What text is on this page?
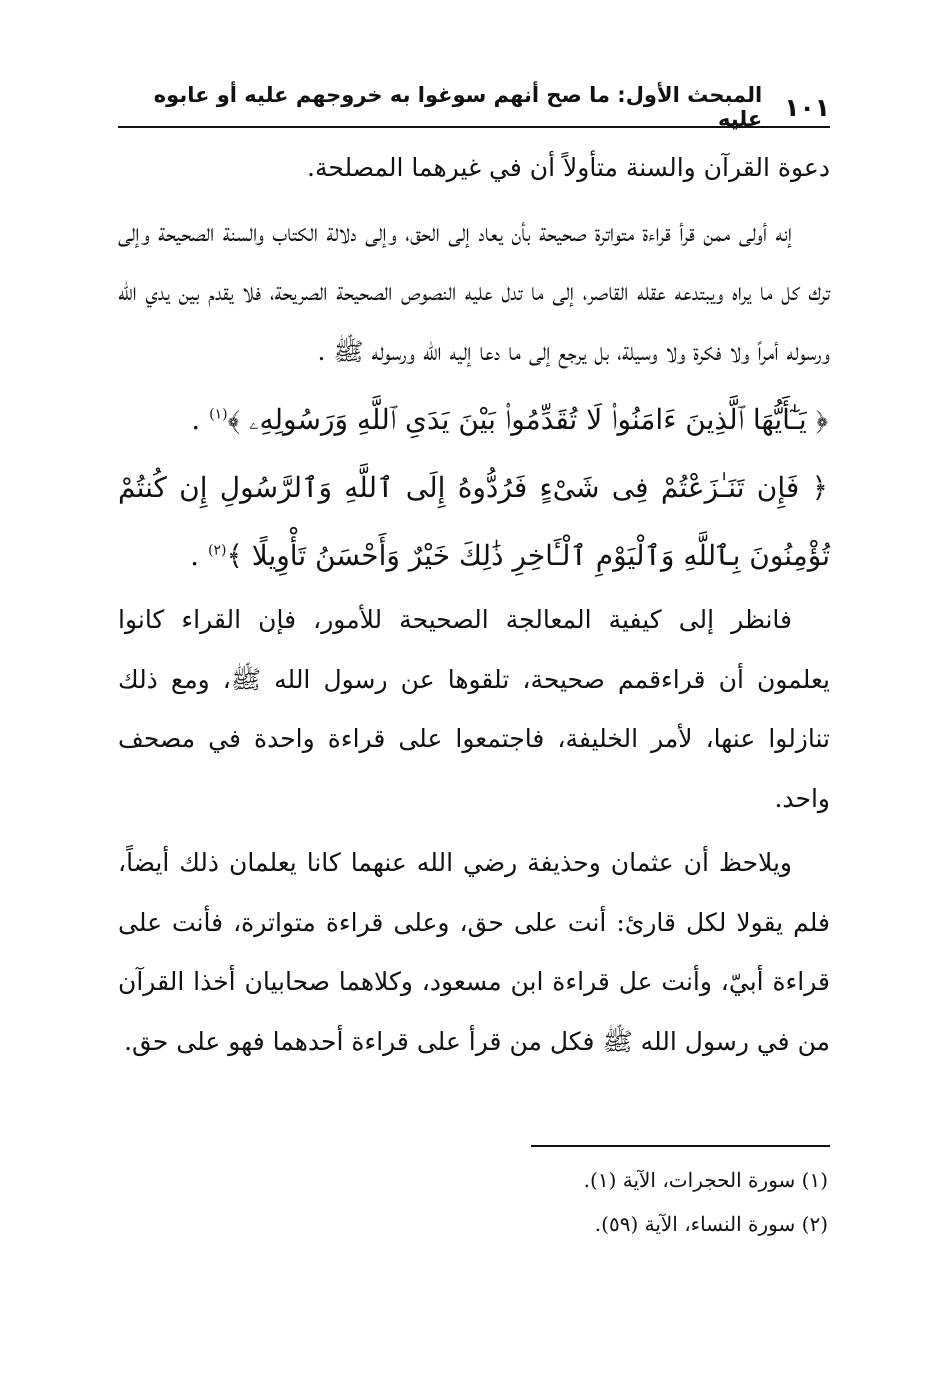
١٠١
المبحث الأول: ما صح أنهم سوغوا به خروجهم عليه أو عابوه عليه

دعوة القرآن والسنة متأولاً أن في غيرهما المصلحة.

إنه أولى ممن قرأ قراءة متواترة صحيحة بأن يعاد إلى الحق، وإلى دلالة الكتاب والسنة الصحيحة وإلى ترك كل ما يراه ويبتدعه عقله القاصر، إلى ما تدل عليه النصوص الصحيحة الصريحة، فلا يقدم بين يدي الله ورسوله أمراً ولا فكرة ولا وسيلة، بل يرجع إلى ما دعا إليه الله ورسوله ﷺ .

﴿ يَـٰٓأَيُّهَا ٱلَّذِينَ ءَامَنُوا۟ لَا تُقَدِّمُوا۟ بَيْنَ يَدَىِ ٱللَّهِ وَرَسُولِهِۦ ﴾$^{(١)}$ .

﴿ فَإِن تَنَـٰزَعْتُمْ فِى شَىْءٍ فَرُدُّوهُ إِلَى ٱللَّهِ وَٱلرَّسُولِ إِن كُنتُمْ تُؤْمِنُونَ بِٱللَّهِ وَٱلْيَوْمِ ٱلْـَٔاخِرِ ذَٰلِكَ خَيْرٌ وَأَحْسَنُ تَأْوِيلًا ﴾$^{(٢)}$ .

فانظر إلى كيفية المعالجة الصحيحة للأمور، فإن القراء كانوا يعلمون أن قراءقمم صحيحة، تلقوها عن رسول الله ﷺ، ومع ذلك تنازلوا عنها، لأمر الخليفة، فاجتمعوا على قراءة واحدة في مصحف واحد.

ويلاحظ أن عثمان وحذيفة رضي الله عنهما كانا يعلمان ذلك أيضاً، فلم يقولا لكل قارئ: أنت على حق، وعلى قراءة متواترة، فأنت على قراءة أبيّ، وأنت عل قراءة ابن مسعود، وكلاهما صحابيان أخذا القرآن من في رسول الله ﷺ فكل من قرأ على قراءة أحدهما فهو على حق.

(١) سورة الحجرات، الآية (١).
(٢) سورة النساء، الآية (٥٩).
